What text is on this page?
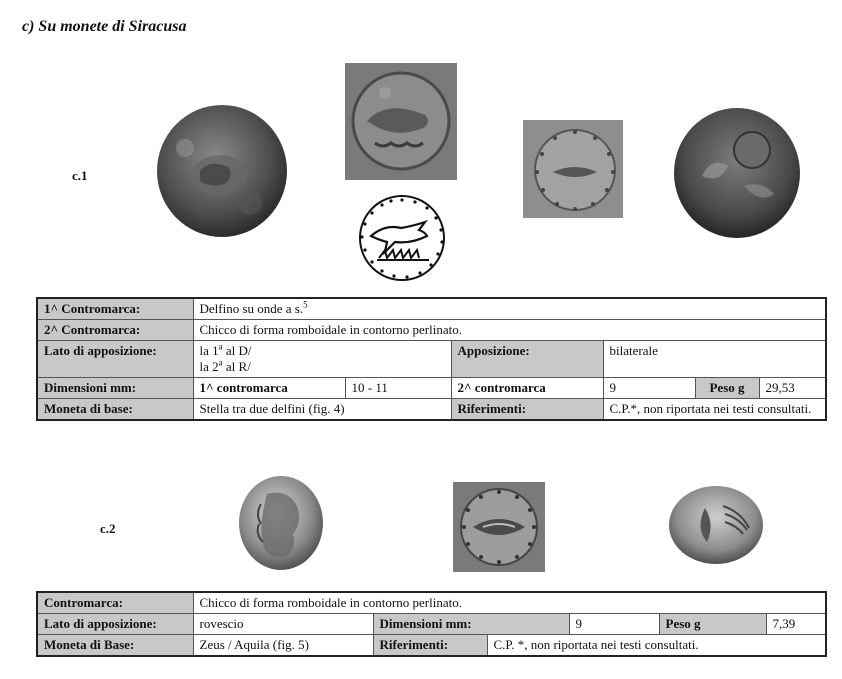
c) Su monete di Siracusa
c.1
1^ Contromarca:	Delfino su onde a s.$^5$
2^ Contromarca:	Chicco di forma romboidale in contorno perlinato.					
Lato di apposizione:	la 1$^a$ al D/
la 2$^a$ al R/		Apposizione:	bilaterale		
Dimensioni mm:	1^ contromarca	10 - 11	2^ contromarca	9	Peso g	29,53
Moneta di base:	Stella tra due delfini (fig. 4)		Riferimenti:	C.P.*, non riportata nei testi consultati.		
c.2
Contromarca:	Chicco di forma romboidale in contorno perlinato.					
Lato di apposizione:	rovescio	Dimensioni mm:		9	Peso g	7,39
Moneta di Base:	Zeus / Aquila (fig. 5)	Riferimenti:	C.P. *, non riportata nei testi consultati.			
